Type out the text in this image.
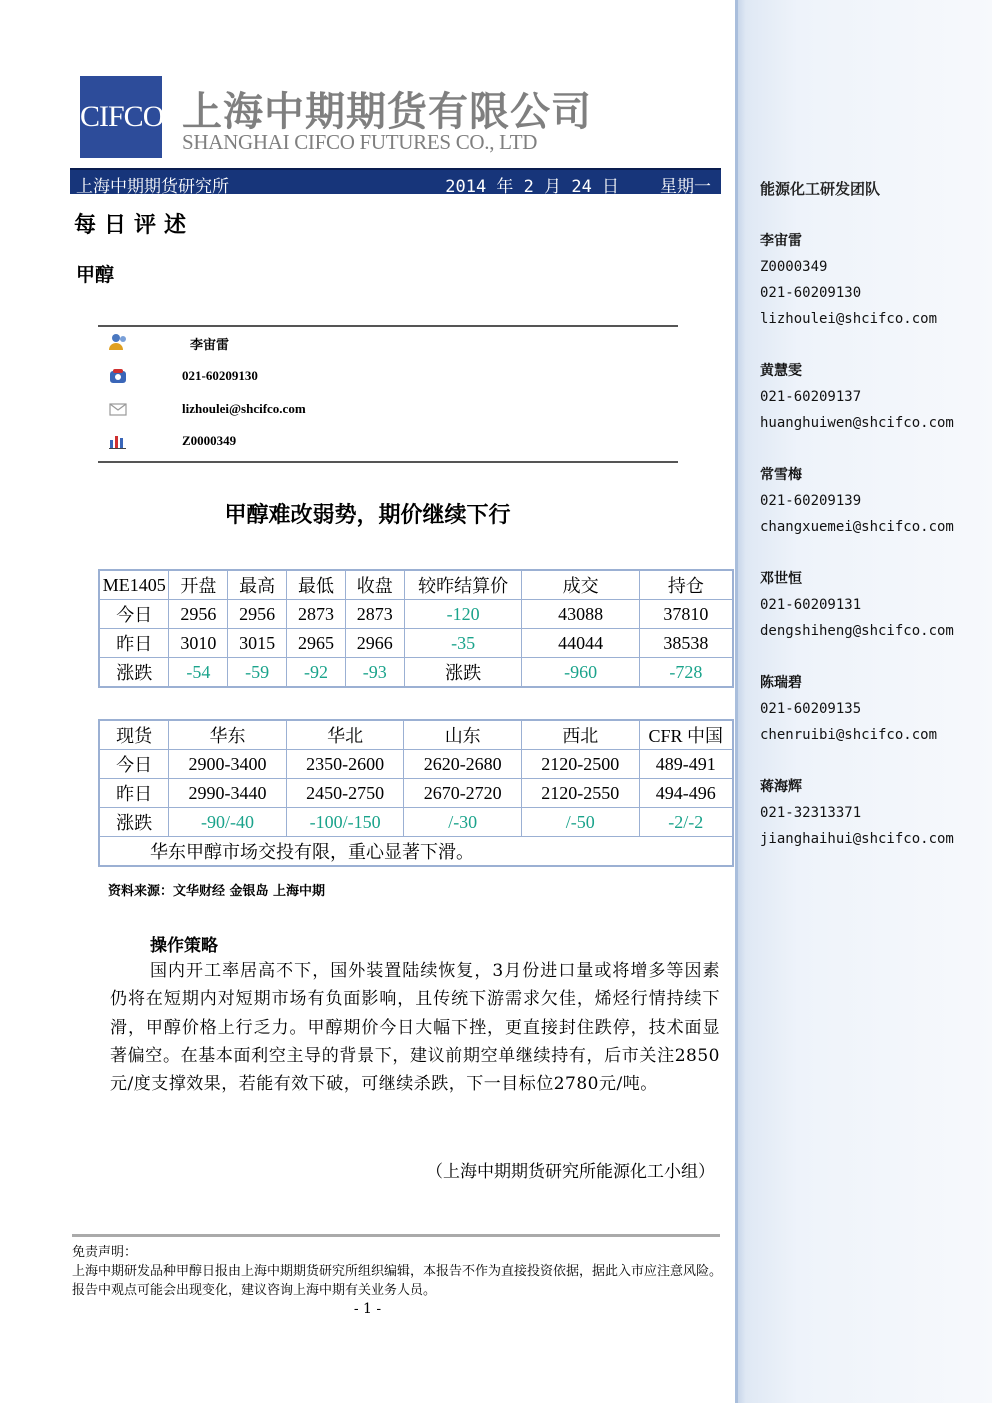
CIFCO 上海中期期货有限公司
SHANGHAI CIFCO FUTURES CO., LTD
上海中期期货研究所	2014 年 2 月 24 日    星期一
每日评述
甲醇
李宙雷
021-60209130
lizhoulei@shcifco.com
Z0000349
甲醇难改弱势，期价继续下行
ME1405	开盘	最高	最低	收盘	较昨结算价	成交	持仓
今日	2956	2956	2873	2873	-120	43088	37810
昨日	3010	3015	2965	2966	-35	44044	38538
涨跌	-54	-59	-92	-93	涨跌	-960	-728
现货	华东	华北	山东	西北	CFR 中国
今日	2900-3400	2350-2600	2620-2680	2120-2500	489-491
昨日	2990-3440	2450-2750	2670-2720	2120-2550	494-496
涨跌	-90/-40	-100/-150	/-30	/-50	-2/-2
华东甲醇市场交投有限，重心显著下滑。					
资料来源：文华财经 金银岛 上海中期
操作策略
国内开工率居高不下，国外装置陆续恢复，3月份进口量或将增多等因素仍将在短期内对短期市场有负面影响，且传统下游需求欠佳，烯烃行情持续下滑，甲醇价格上行乏力。甲醇期价今日大幅下挫，更直接封住跌停，技术面显著偏空。在基本面利空主导的背景下，建议前期空单继续持有，后市关注2850元/度支撑效果，若能有效下破，可继续杀跌，下一目标位2780元/吨。
（上海中期期货研究所能源化工小组）
免责声明：
上海中期研发品种甲醇日报由上海中期期货研究所组织编辑，本报告不作为直接投资依据，据此入市应注意风险。报告中观点可能会出现变化，建议咨询上海中期有关业务人员。
- 1 -
能源化工研发团队
李宙雷
Z0000349
021-60209130
lizhoulei@shcifco.com
黄慧雯
021-60209137
huanghuiwen@shcifco.com
常雪梅
021-60209139
changxuemei@shcifco.com
邓世恒
021-60209131
dengshiheng@shcifco.com
陈瑞碧
021-60209135
chenruibi@shcifco.com
蒋海辉
021-32313371
jianghaihui@shcifco.com
